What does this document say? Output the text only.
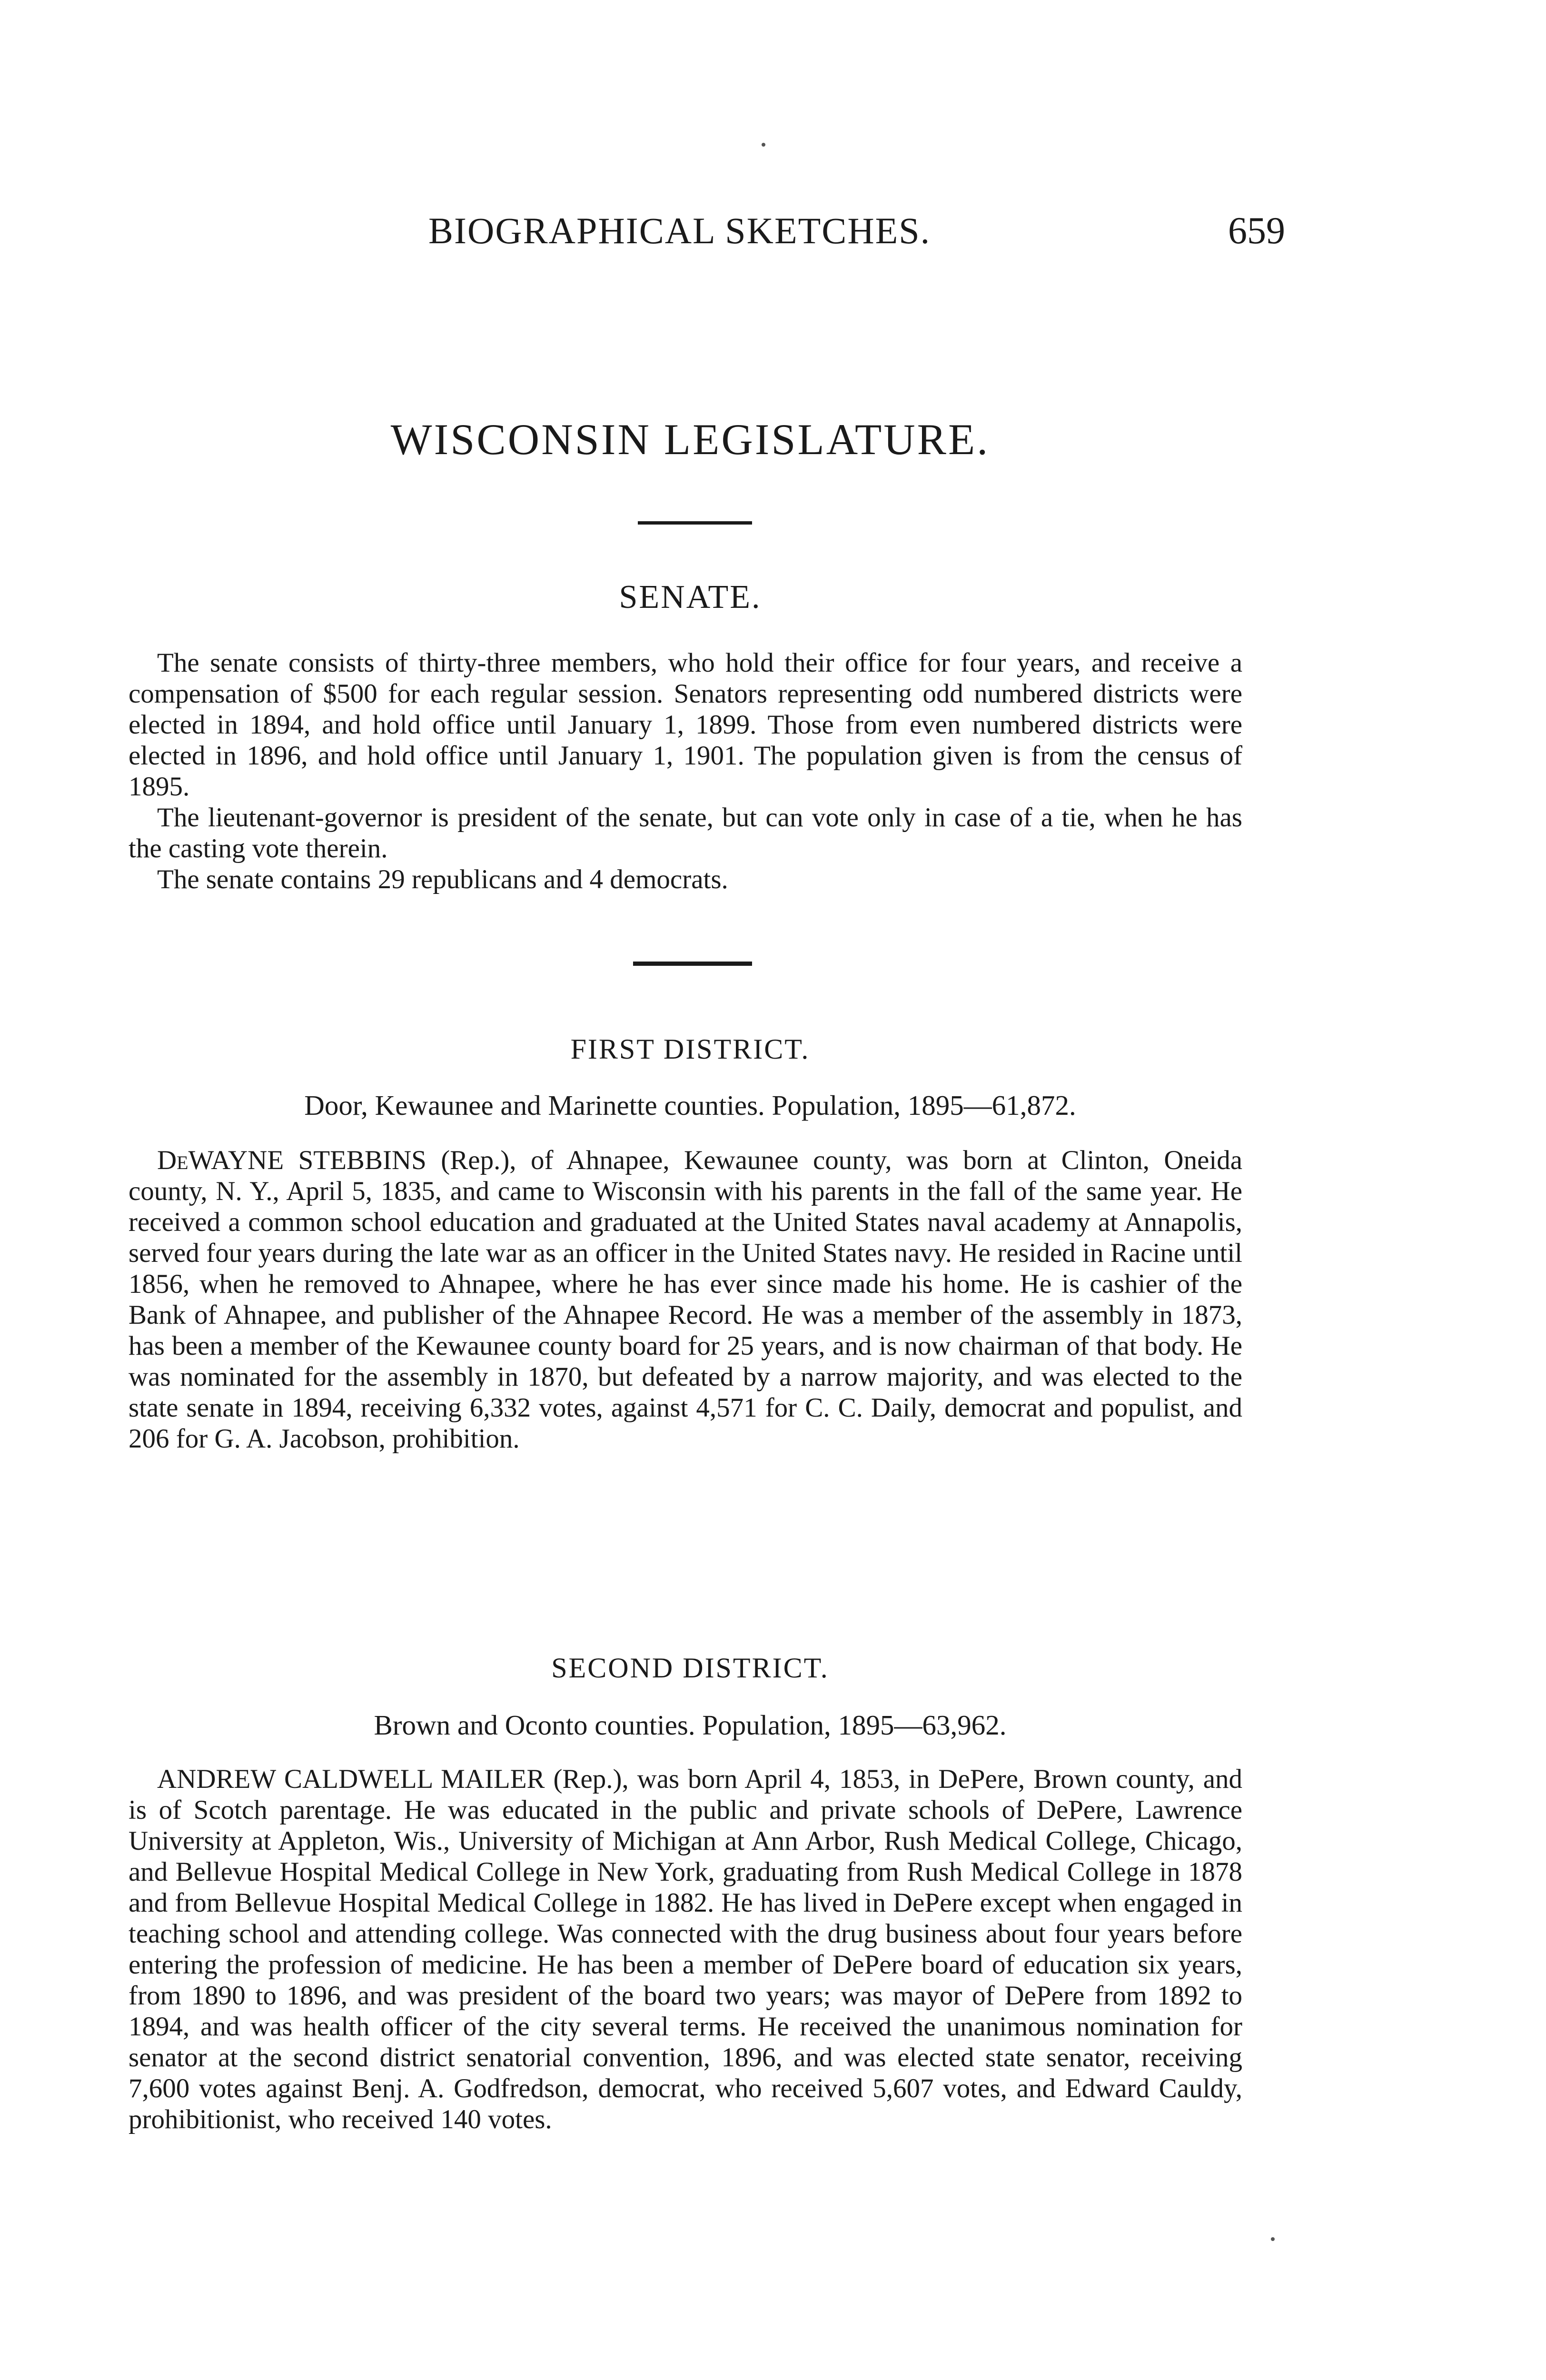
BIOGRAPHICAL SKETCHES.	659
WISCONSIN LEGISLATURE.
SENATE.

The senate consists of thirty-three members, who hold their office for four years, and receive a compensation of $500 for each regular session. Senators representing odd numbered districts were elected in 1894, and hold office until January 1, 1899. Those from even numbered districts were elected in 1896, and hold office until January 1, 1901. The population given is from the census of 1895.

The lieutenant-governor is president of the senate, but can vote only in case of a tie, when he has the casting vote therein.

The senate contains 29 republicans and 4 democrats.

FIRST DISTRICT.
Door, Kewaunee and Marinette counties. Population, 1895—61,872.

DeWAYNE STEBBINS (Rep.), of Ahnapee, Kewaunee county, was born at Clinton, Oneida county, N. Y., April 5, 1835, and came to Wisconsin with his parents in the fall of the same year. He received a common school education and graduated at the United States naval academy at Annapolis, served four years during the late war as an officer in the United States navy. He resided in Racine until 1856, when he removed to Ahnapee, where he has ever since made his home. He is cashier of the Bank of Ahnapee, and publisher of the Ahnapee Record. He was a member of the assembly in 1873, has been a member of the Kewaunee county board for 25 years, and is now chairman of that body. He was nominated for the assembly in 1870, but defeated by a narrow majority, and was elected to the state senate in 1894, receiving 6,332 votes, against 4,571 for C. C. Daily, democrat and populist, and 206 for G. A. Jacobson, prohibition.

SECOND DISTRICT.
Brown and Oconto counties. Population, 1895—63,962.

ANDREW CALDWELL MAILER (Rep.), was born April 4, 1853, in DePere, Brown county, and is of Scotch parentage. He was educated in the public and private schools of DePere, Lawrence University at Appleton, Wis., University of Michigan at Ann Arbor, Rush Medical College, Chicago, and Bellevue Hospital Medical College in New York, graduating from Rush Medical College in 1878 and from Bellevue Hospital Medical College in 1882. He has lived in DePere except when engaged in teaching school and attending college. Was connected with the drug business about four years before entering the profession of medicine. He has been a member of DePere board of education six years, from 1890 to 1896, and was president of the board two years; was mayor of DePere from 1892 to 1894, and was health officer of the city several terms. He received the unanimous nomination for senator at the second district senatorial convention, 1896, and was elected state senator, receiving 7,600 votes against Benj. A. Godfredson, democrat, who received 5,607 votes, and Edward Cauldy, prohibitionist, who received 140 votes.
